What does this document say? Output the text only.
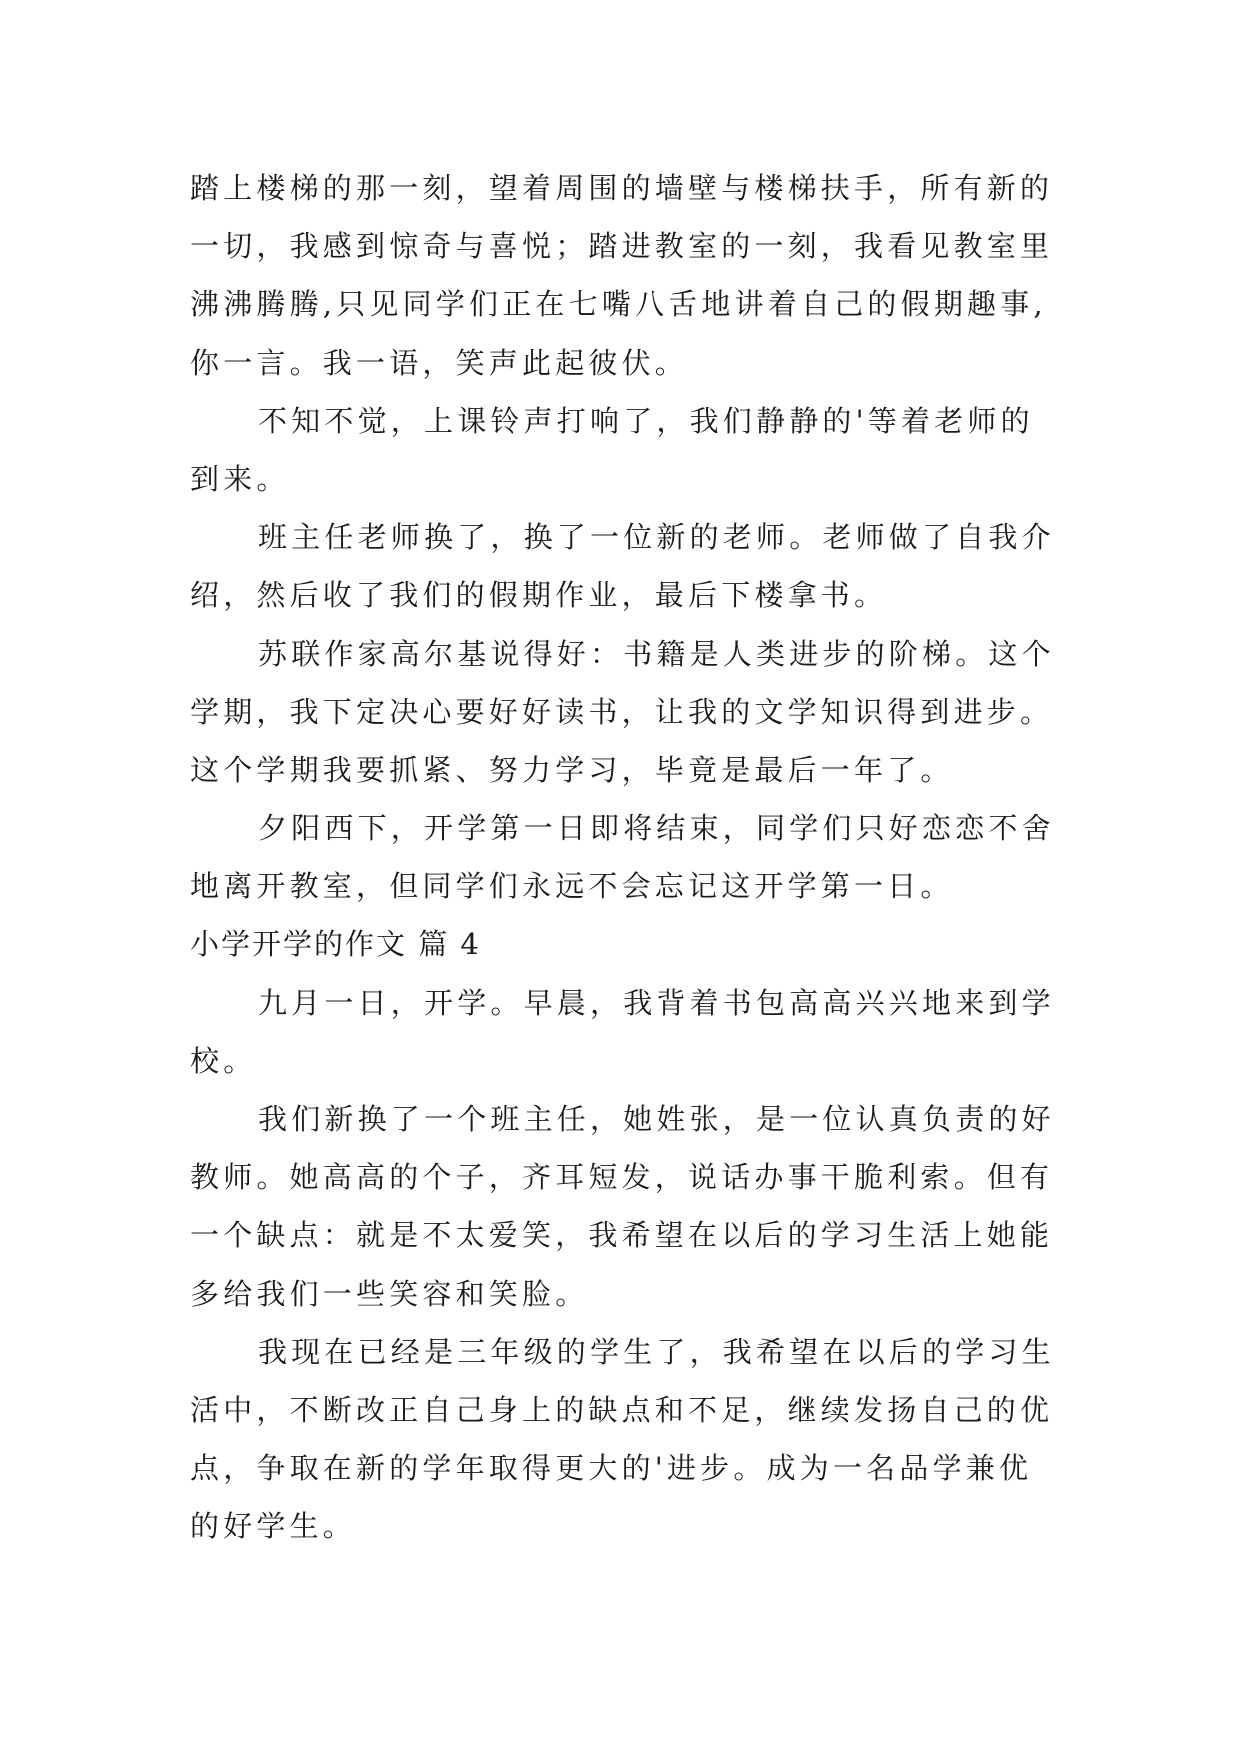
踏上楼梯的那一刻，望着周围的墙壁与楼梯扶手，所有新的
一切，我感到惊奇与喜悦；踏进教室的一刻，我看见教室里
沸沸腾腾,只见同学们正在七嘴八舌地讲着自己的假期趣事,
你一言。我一语，笑声此起彼伏。
不知不觉，上课铃声打响了，我们静静的'等着老师的
到来。
班主任老师换了，换了一位新的老师。老师做了自我介
绍，然后收了我们的假期作业，最后下楼拿书。
苏联作家高尔基说得好：书籍是人类进步的阶梯。这个
学期，我下定决心要好好读书，让我的文学知识得到进步。
这个学期我要抓紧、努力学习，毕竟是最后一年了。
夕阳西下，开学第一日即将结束，同学们只好恋恋不舍
地离开教室，但同学们永远不会忘记这开学第一日。
小学开学的作文 篇 4
九月一日，开学。早晨，我背着书包高高兴兴地来到学
校。
我们新换了一个班主任，她姓张，是一位认真负责的好
教师。她高高的个子，齐耳短发，说话办事干脆利索。但有
一个缺点：就是不太爱笑，我希望在以后的学习生活上她能
多给我们一些笑容和笑脸。
我现在已经是三年级的学生了，我希望在以后的学习生
活中，不断改正自己身上的缺点和不足，继续发扬自己的优
点，争取在新的学年取得更大的'进步。成为一名品学兼优
的好学生。
